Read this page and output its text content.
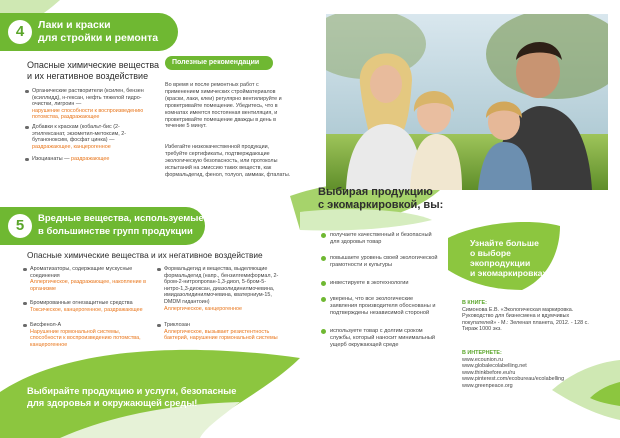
4	Лаки и краски
для стройки и ремонта
Опасные химические вещества
и их негативное воздействие
Органические растворители (ксилен, бензен (ксиллидд), н-гексан, нефть тяжелой гидро-очистки, лигроин —
нарушение способности к воспроизведению потомства, раздражающее
Добавки к краскам (кобальт-бис (2-этилгексанат, экзометил-метоксим, 2-бутаноноксим, фосфат цинка) —
раздражающее, канцерогенное
Изоцианаты — раздражающее
Полезные рекомендации
Во время и после ремонтных работ с применением химических стройматериалов (краски, лаки, клеи) регулярно вентилируйте и проветривайте помещение. Убедитесь, что в комнатах имеется постоянная вентиляция, и проветривайте помещение дважды в день в течение 5 минут.
Избегайте низкокачественной продукции, требуйте сертификаты, подтверждающие экологическую безопасность, или протоколы испытаний на эмиссию таких веществ, как формальдегид, фенол, толуол, аммиак, фталаты.
5	Вредные вещества, используемые
в большинстве групп продукции
Опасные химические вещества и их негативное воздействие
Ароматизаторы, содержащие мускусные соединения
Аллергическое, раздражающее, накопление в организме
Бромированные огнезащитные средства
Токсическое, канцерогенное, раздражающее
Бисфенол-А
Нарушение гормональной системы, способности к воспроизведению потомства, канцерогенное
Формальдегид и вещества, выделяющие формальдегид (напр., бензилгемиформал, 2-бром-2-нитропропан-1,3-диол, 5-бром-5-нитро-1,3-диоксан, диазолидинилмочевина, имидазолидинилмочевина, кватерниум-15, DMDM гидантоин)
Аллергическое, канцерогенное
Триклозан
Аллергическое, вызывает резистентность бактерий, нарушение гормональной системы
Выбирайте продукцию и услуги, безопасные
для здоровья и окружающей среды!
Выбирая продукцию
с экомаркировкой, вы:
получаете качественный и безопасный для здоровья товар
повышаете уровень своей экологической грамотности и культуры
инвестируете в экотехнологии
уверены, что все экологические заявления производителя обоснованы и подтверждены независимой стороной
используете товар с долгим сроком службы, который наносит минимальный ущерб окружающей среде
Узнайте больше
о выборе
экопродукции
и экомаркировках
В КНИГЕ:
Симонова Е.В. «Экологическая маркировка. Руководство для бизнесмена и вдумчивых покупателей» - М.: Зеленая планета, 2012. - 128 с. Тираж 1000 экз.
В ИНТЕРНЕТЕ:
www.ecounion.ru
www.globalecolabelling.net
www.thinkbefore.eu/ru
www.pinterest.com/ecobureau/ecolabelling
www.greenpeace.org
